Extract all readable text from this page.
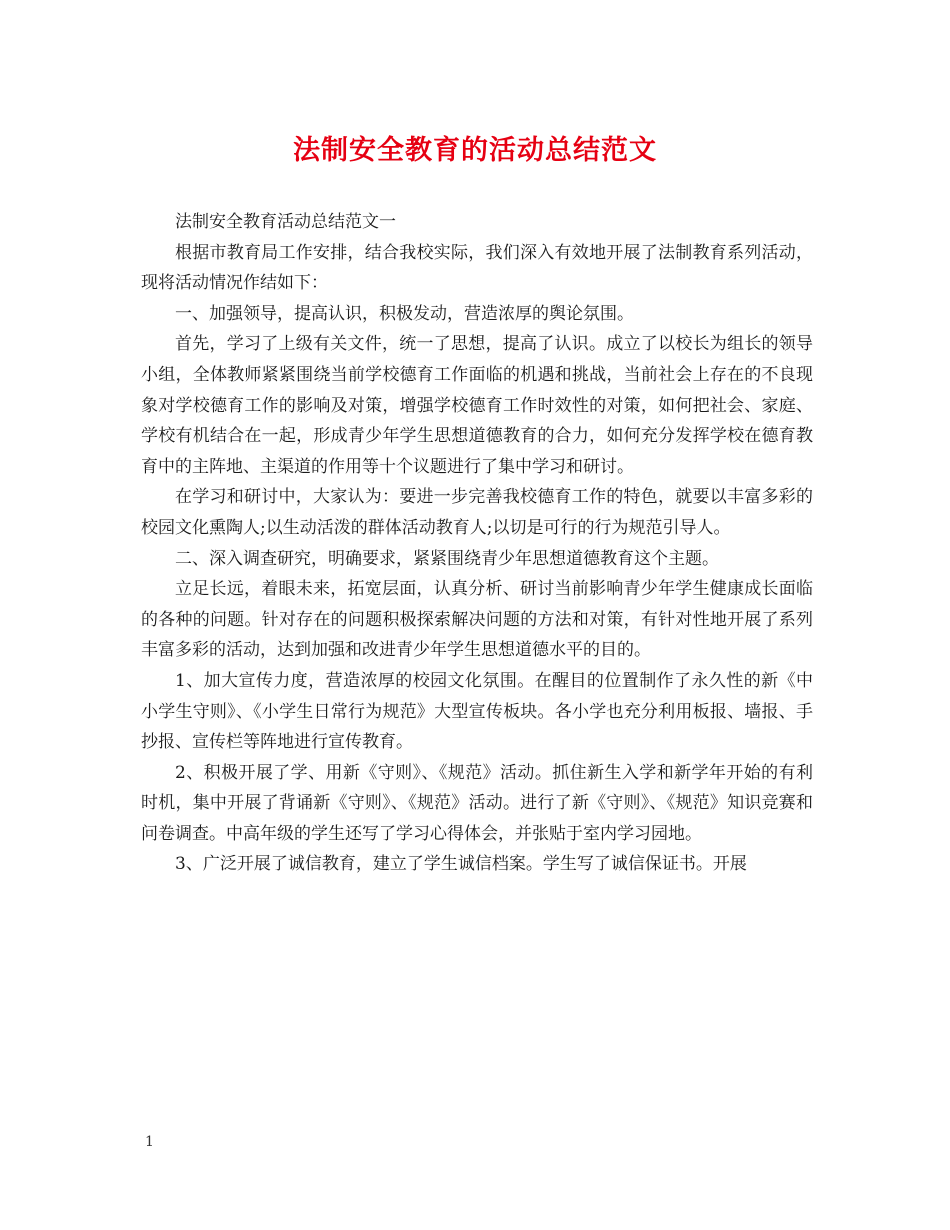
法制安全教育的活动总结范文

法制安全教育活动总结范文一

根据市教育局工作安排，结合我校实际，我们深入有效地开展了法制教育系列活动，现将活动情况作结如下：

一、加强领导，提高认识，积极发动，营造浓厚的舆论氛围。

首先，学习了上级有关文件，统一了思想，提高了认识。成立了以校长为组长的领导小组，全体教师紧紧围绕当前学校德育工作面临的机遇和挑战，当前社会上存在的不良现象对学校德育工作的影响及对策，增强学校德育工作时效性的对策，如何把社会、家庭、学校有机结合在一起，形成青少年学生思想道德教育的合力，如何充分发挥学校在德育教育中的主阵地、主渠道的作用等十个议题进行了集中学习和研讨。

在学习和研讨中，大家认为：要进一步完善我校德育工作的特色，就要以丰富多彩的校园文化熏陶人;以生动活泼的群体活动教育人;以切是可行的行为规范引导人。

二、深入调查研究，明确要求，紧紧围绕青少年思想道德教育这个主题。

立足长远，着眼未来，拓宽层面，认真分析、研讨当前影响青少年学生健康成长面临的各种的问题。针对存在的问题积极探索解决问题的方法和对策，有针对性地开展了系列丰富多彩的活动，达到加强和改进青少年学生思想道德水平的目的。

1、加大宣传力度，营造浓厚的校园文化氛围。在醒目的位置制作了永久性的新《中小学生守则》、《小学生日常行为规范》大型宣传板块。各小学也充分利用板报、墙报、手抄报、宣传栏等阵地进行宣传教育。

2、积极开展了学、用新《守则》、《规范》活动。抓住新生入学和新学年开始的有利时机，集中开展了背诵新《守则》、《规范》活动。进行了新《守则》、《规范》知识竞赛和问卷调查。中高年级的学生还写了学习心得体会，并张贴于室内学习园地。

3、广泛开展了诚信教育，建立了学生诚信档案。学生写了诚信保证书。开展

1
